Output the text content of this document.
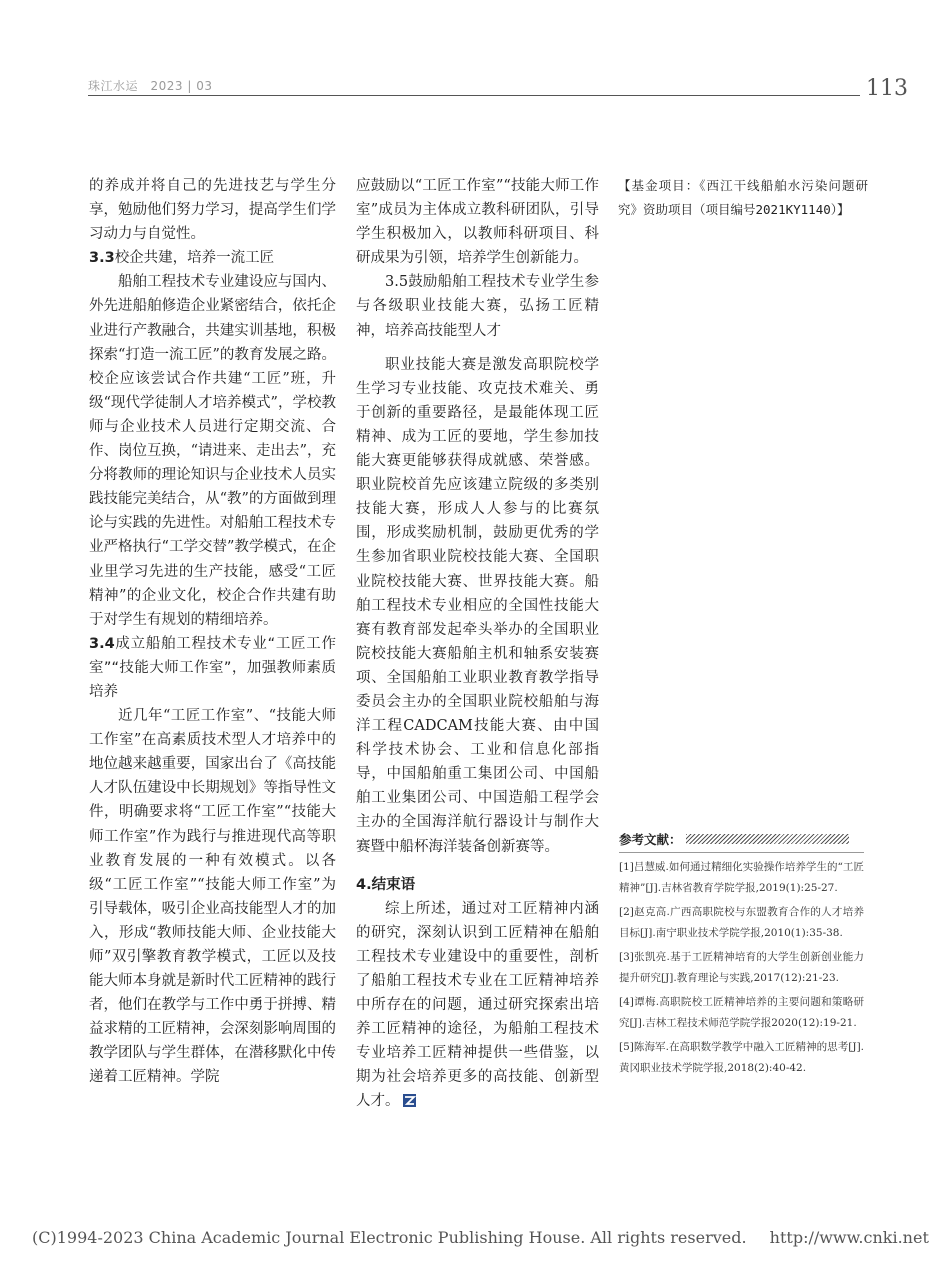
珠江水运　2023 | 03	113

的养成并将自己的先进技艺与学生分享，勉励他们努力学习，提高学生们学习动力与自觉性。

3.3校企共建，培养一流工匠

船舶工程技术专业建设应与国内、外先进船舶修造企业紧密结合，依托企业进行产教融合，共建实训基地，积极探索“打造一流工匠”的教育发展之路。校企应该尝试合作共建“工匠”班，升级“现代学徒制人才培养模式”，学校教师与企业技术人员进行定期交流、合作、岗位互换，“请进来、走出去”，充分将教师的理论知识与企业技术人员实践技能完美结合，从“教”的方面做到理论与实践的先进性。对船舶工程技术专业严格执行“工学交替”教学模式，在企业里学习先进的生产技能，感受“工匠精神”的企业文化，校企合作共建有助于对学生有规划的精细培养。

3.4成立船舶工程技术专业“工匠工作室”“技能大师工作室”，加强教师素质培养

近几年“工匠工作室”、“技能大师工作室”在高素质技术型人才培养中的地位越来越重要，国家出台了《高技能人才队伍建设中长期规划》等指导性文件，明确要求将“工匠工作室”“技能大师工作室”作为践行与推进现代高等职业教育发展的一种有效模式。以各级“工匠工作室”“技能大师工作室”为引导载体，吸引企业高技能型人才的加入，形成“教师技能大师、企业技能大师”双引擎教育教学模式，工匠以及技能大师本身就是新时代工匠精神的践行者，他们在教学与工作中勇于拼搏、精益求精的工匠精神，会深刻影响周围的教学团队与学生群体，在潜移默化中传递着工匠精神。学院

应鼓励以“工匠工作室”“技能大师工作室”成员为主体成立教科研团队，引导学生积极加入，以教师科研项目、科研成果为引领，培养学生创新能力。

3.5鼓励船舶工程技术专业学生参与各级职业技能大赛，弘扬工匠精神，培养高技能型人才

职业技能大赛是激发高职院校学生学习专业技能、攻克技术难关、勇于创新的重要路径，是最能体现工匠精神、成为工匠的要地，学生参加技能大赛更能够获得成就感、荣誉感。职业院校首先应该建立院级的多类别技能大赛，形成人人参与的比赛氛围，形成奖励机制，鼓励更优秀的学生参加省职业院校技能大赛、全国职业院校技能大赛、世界技能大赛。船舶工程技术专业相应的全国性技能大赛有教育部发起牵头举办的全国职业院校技能大赛船舶主机和轴系安装赛项、全国船舶工业职业教育教学指导委员会主办的全国职业院校船舶与海洋工程CADCAM技能大赛、由中国科学技术协会、工业和信息化部指导，中国船舶重工集团公司、中国船舶工业集团公司、中国造船工程学会主办的全国海洋航行器设计与制作大赛暨中船杯海洋装备创新赛等。

4.结束语

综上所述，通过对工匠精神内涵的研究，深刻认识到工匠精神在船舶工程技术专业建设中的重要性，剖析了船舶工程技术专业在工匠精神培养中所存在的问题，通过研究探索出培养工匠精神的途径，为船舶工程技术专业培养工匠精神提供一些借鉴，以期为社会培养更多的高技能、创新型人才。

【基金项目：《西江干线船舶水污染问题研究》资助项目（项目编号2021KY1140）】
参考文献：
[1]吕慧威.如何通过精细化实验操作培养学生的“工匠精神”[J].吉林省教育学院学报,2019(1):25-27.
[2]赵克高.广西高职院校与东盟教育合作的人才培养目标[J].南宁职业技术学院学报,2010(1):35-38.
[3]张凯亮.基于工匠精神培育的大学生创新创业能力提升研究[J].教育理论与实践,2017(12):21-23.
[4]谭梅.高职院校工匠精神培养的主要问题和策略研究[J].吉林工程技术师范学院学报2020(12):19-21.
[5]陈海军.在高职数学教学中融入工匠精神的思考[J].黄冈职业技术学院学报,2018(2):40-42.
(C)1994-2023 China Academic Journal Electronic Publishing House. All rights reserved. http://www.cnki.net
